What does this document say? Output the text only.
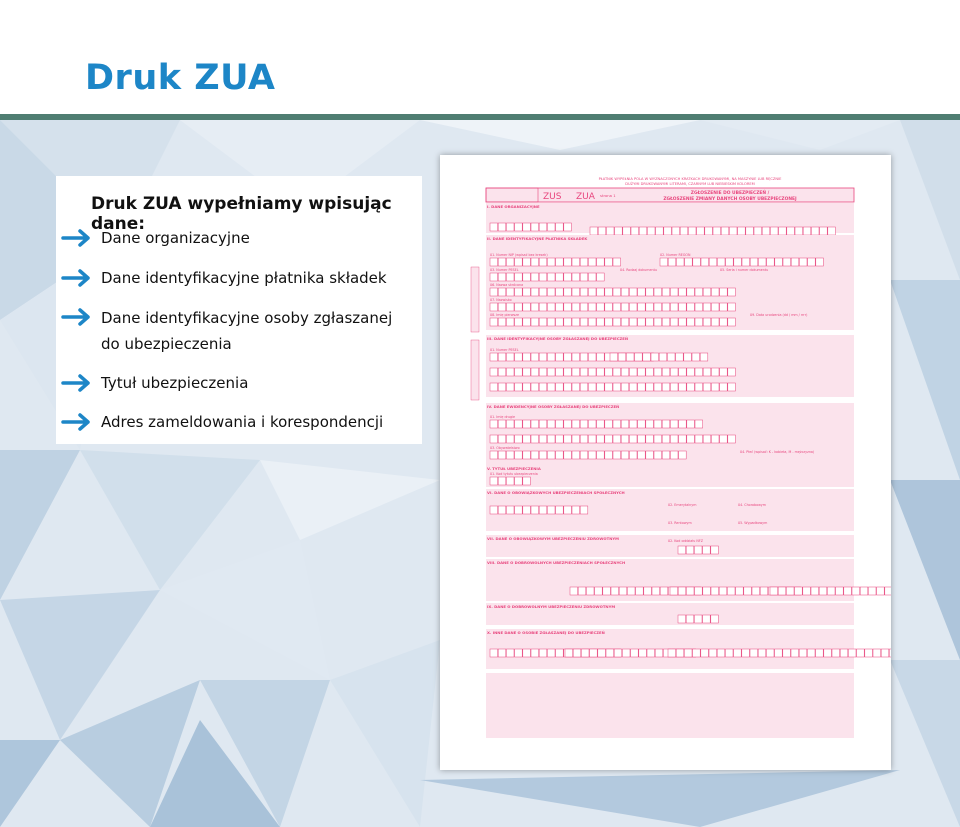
Druk ZUA
Druk ZUA wypełniamy wpisując dane:
Dane organizacyjne

Dane identyfikacyjne płatnika składek

Dane identyfikacyjne osoby zgłaszanej
do ubezpieczenia
Tytuł ubezpieczenia

Adres zameldowania i korespondencji

PŁATNIK WYPEŁNIA POLA W WYZNACZONYCH KRATKACH DRUKOWANYMI, NA MASZYNIE LUB RĘCZNIE
DUŻYMI DRUKOWANYMI LITERAMI, CZARNYM LUB NIEBIESKIM KOLOREM
ZUS ZUA strona 1	ZGŁOSZENIE DO UBEZPIECZEŃ /
ZGŁOSZENIE ZMIANY DANYCH OSOBY UBEZPIECZONEJ
I. DANE ORGANIZACYJNE
II. DANE IDENTYFIKACYJNE PŁATNIKA SKŁADEK
III. DANE IDENTYFIKACYJNE OSOBY ZGŁASZANEJ DO UBEZPIECZEŃ
IV. DANE EWIDENCYJNE OSOBY ZGŁASZANEJ DO UBEZPIECZEŃ
V. TYTUŁ UBEZPIECZENIA
VI. DANE O OBOWIĄZKOWYCH UBEZPIECZENIACH SPOŁECZNYCH
VII. DANE O OBOWIĄZKOWYM UBEZPIECZENIU ZDROWOTNYM
VIII. DANE O DOBROWOLNYCH UBEZPIECZENIACH SPOŁECZNYCH
IX. DANE O DOBROWOLNYM UBEZPIECZENIU ZDROWOTNYM
X. INNE DANE O OSOBIE ZGŁASZANEJ DO UBEZPIECZEŃ
01. Numer NIP (wpisać bez kresek)	02. Numer REGON
03. Numer PESEL	04. Rodzaj dokumentu	05. Seria i numer dokumentu
06. Nazwa skrócona
07. Nazwisko
08. Imię pierwsze	09. Data urodzenia (dd / mm / rrrr)
01. Numer PESEL
01. Imię drugie
03. Obywatelstwo
04. Płeć (wpisać: K - kobieta, M - mężczyzna)
01. Kod tytułu ubezpieczenia
02. Emerytalnym	04. Chorobowym
03. Rentowym	05. Wypadkowym
02. Kod oddziału NFZ
